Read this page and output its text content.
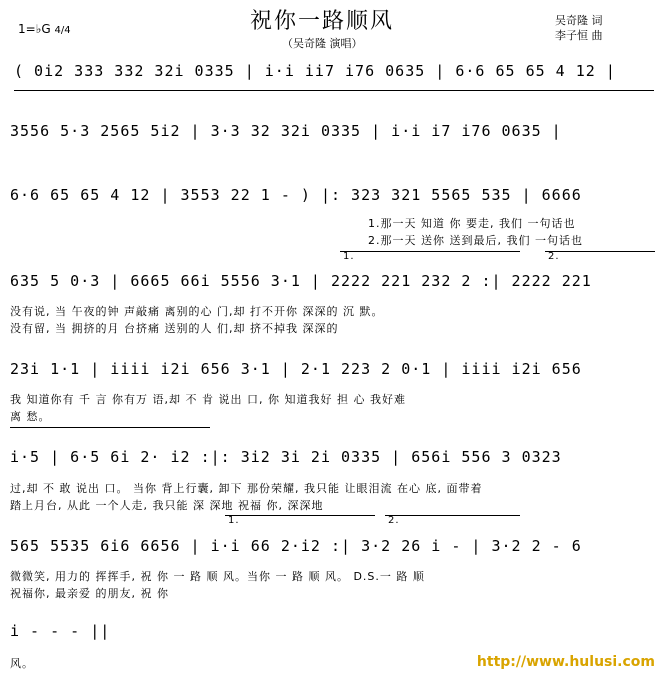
祝你一路顺风
（吴奇隆 演唱）
吴奇隆 词
李子恒 曲
1=♭G 4/4
( 0i2 333 332 32i 0335 | i·i ii7 i76 0635 | 6·6 65 65 4 12 |
3556 5·3 2565 5i2 | 3·3 32 32i 0335 | i·i i7 i76 0635 |
6·6 65 65 4 12 | 3553 22 1 - ) |: 323 321 5565 535 | 6666
1.那一天 知道 你 要走, 我们 一句话也
2.那一天 送你 送到最后, 我们 一句话也
1.	2.
635 5 0·3 | 6665 66i 5556 3·1 | 2222 221 232 2 :| 2222 221
没有说, 当 午夜的钟 声敲痛 离别的心 门,却 打不开你 深深的 沉 默。
没有留, 当 拥挤的月 台挤痛 送别的人 们,却 挤不掉我 深深的
23i 1·1 | iiii i2i 656 3·1 | 2·1 223 2 0·1 | iiii i2i 656
我 知道你有 千 言 你有万 语,却 不 肯 说出 口, 你 知道我好 担 心 我好难
离 愁。
i·5 | 6·5 6i 2· i2 :|: 3i2 3i 2i 0335 | 656i 556 3 0323
过,却 不 敢 说出 口。 当你 背上行囊, 卸下 那份荣耀, 我只能 让眼泪流 在心 底, 面带着
踏上月台, 从此 一个人走, 我只能 深 深地 祝福 你, 深深地
1.	2.
565 5535 6i6 6656 | i·i 66 2·i2 :| 3·2 26 i - | 3·2 2 - 6
微微笑, 用力的 挥挥手, 祝 你 一 路 顺 风。当你 一 路 顺 风。 D.S.一 路 顺
祝福你, 最亲爱 的朋友, 祝 你
i - - - ||
风。	http://www.hulusi.com
